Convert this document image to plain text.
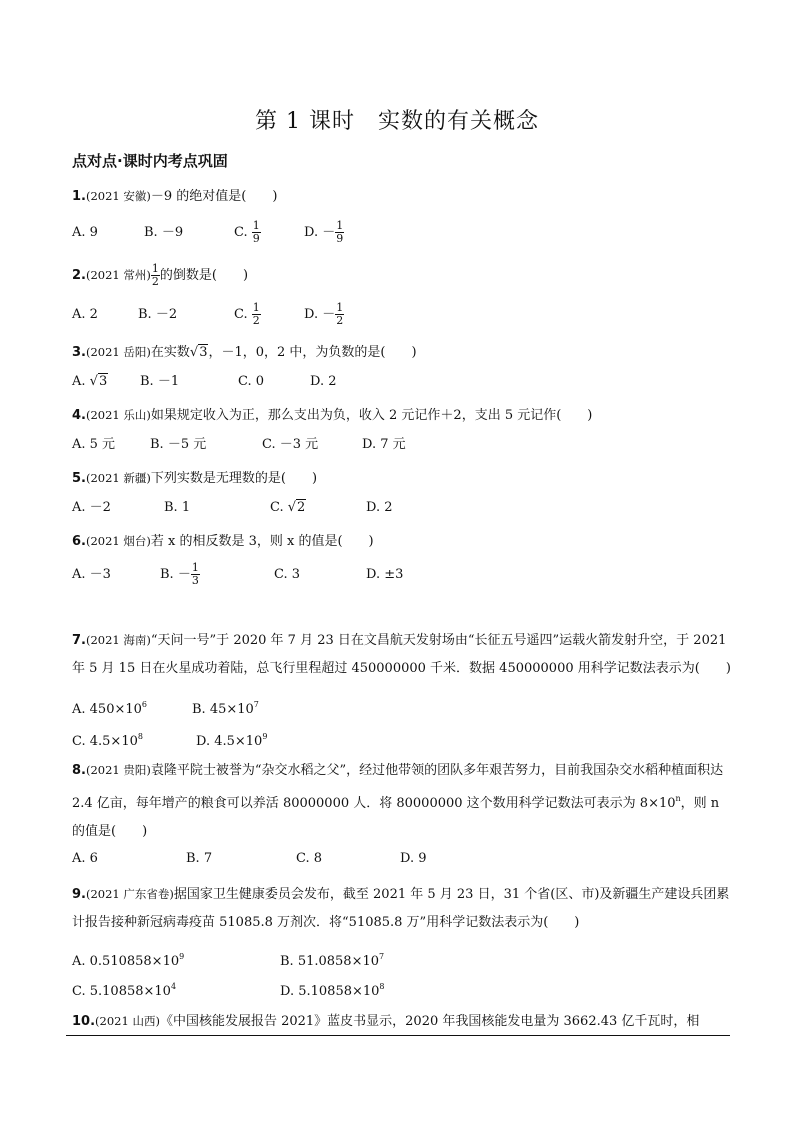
第 1 课时　实数的有关概念
点对点·课时内考点巩固
1.(2021 安徽)－9 的绝对值是(　　)
A. 9	B. －9	C. $\frac{1}{9}$	D. － $\frac{1}{9}$
2.(2021 常州) $\frac{1}{2}$ 的倒数是(　　)
A. 2	B. －2	C. $\frac{1}{2}$	D. － $\frac{1}{2}$
3.(2021 岳阳)在实数√3，－1，0，2 中，为负数的是(　　)
A. √3	B. －1	C. 0	D. 2
4.(2021 乐山)如果规定收入为正，那么支出为负，收入 2 元记作＋2，支出 5 元记作(　　)
A. 5 元	B. －5 元	C. －3 元	D. 7 元
5.(2021 新疆)下列实数是无理数的是(　　)
A. －2	B. 1	C. √2	D. 2
6.(2021 烟台)若 x 的相反数是 3，则 x 的值是(　　)
A. －3	B. － $\frac{1}{3}$	C. 3	D. ±3
7.(2021 海南)“天问一号”于 2020 年 7 月 23 日在文昌航天发射场由“长征五号遥四”运载火箭发射升空，于 2021 年 5 月 15 日在火星成功着陆，总飞行里程超过 450000000 千米．数据 450000000 用科学记数法表示为(　　)
A. $450\times 10^6$	B. $45\times 10^7$
C. $4.5\times 10^8$	D. $4.5\times 10^9$
8.(2021 贵阳)袁隆平院士被誉为“杂交水稻之父”，经过他带领的团队多年艰苦努力，目前我国杂交水稻种植面积达 2.4 亿亩，每年增产的粮食可以养活 80000000 人．将 80000000 这个数用科学记数法可表示为 $8\times 10^n$，则 n 的值是(　　)
A. 6	B. 7	C. 8	D. 9
9.(2021 广东省卷)据国家卫生健康委员会发布，截至 2021 年 5 月 23 日，31 个省(区、市)及新疆生产建设兵团累计报告接种新冠病毒疫苗 51085.8 万剂次．将“51085.8 万”用科学记数法表示为(　　)
A. $0.510858\times 10^9$	B. $51.0858\times 10^7$
C. $5.10858\times 10^4$	D. $5.10858\times 10^8$
10.(2021 山西)《中国核能发展报告 2021》蓝皮书显示，2020 年我国核能发电量为 3662.43 亿千瓦时，相
